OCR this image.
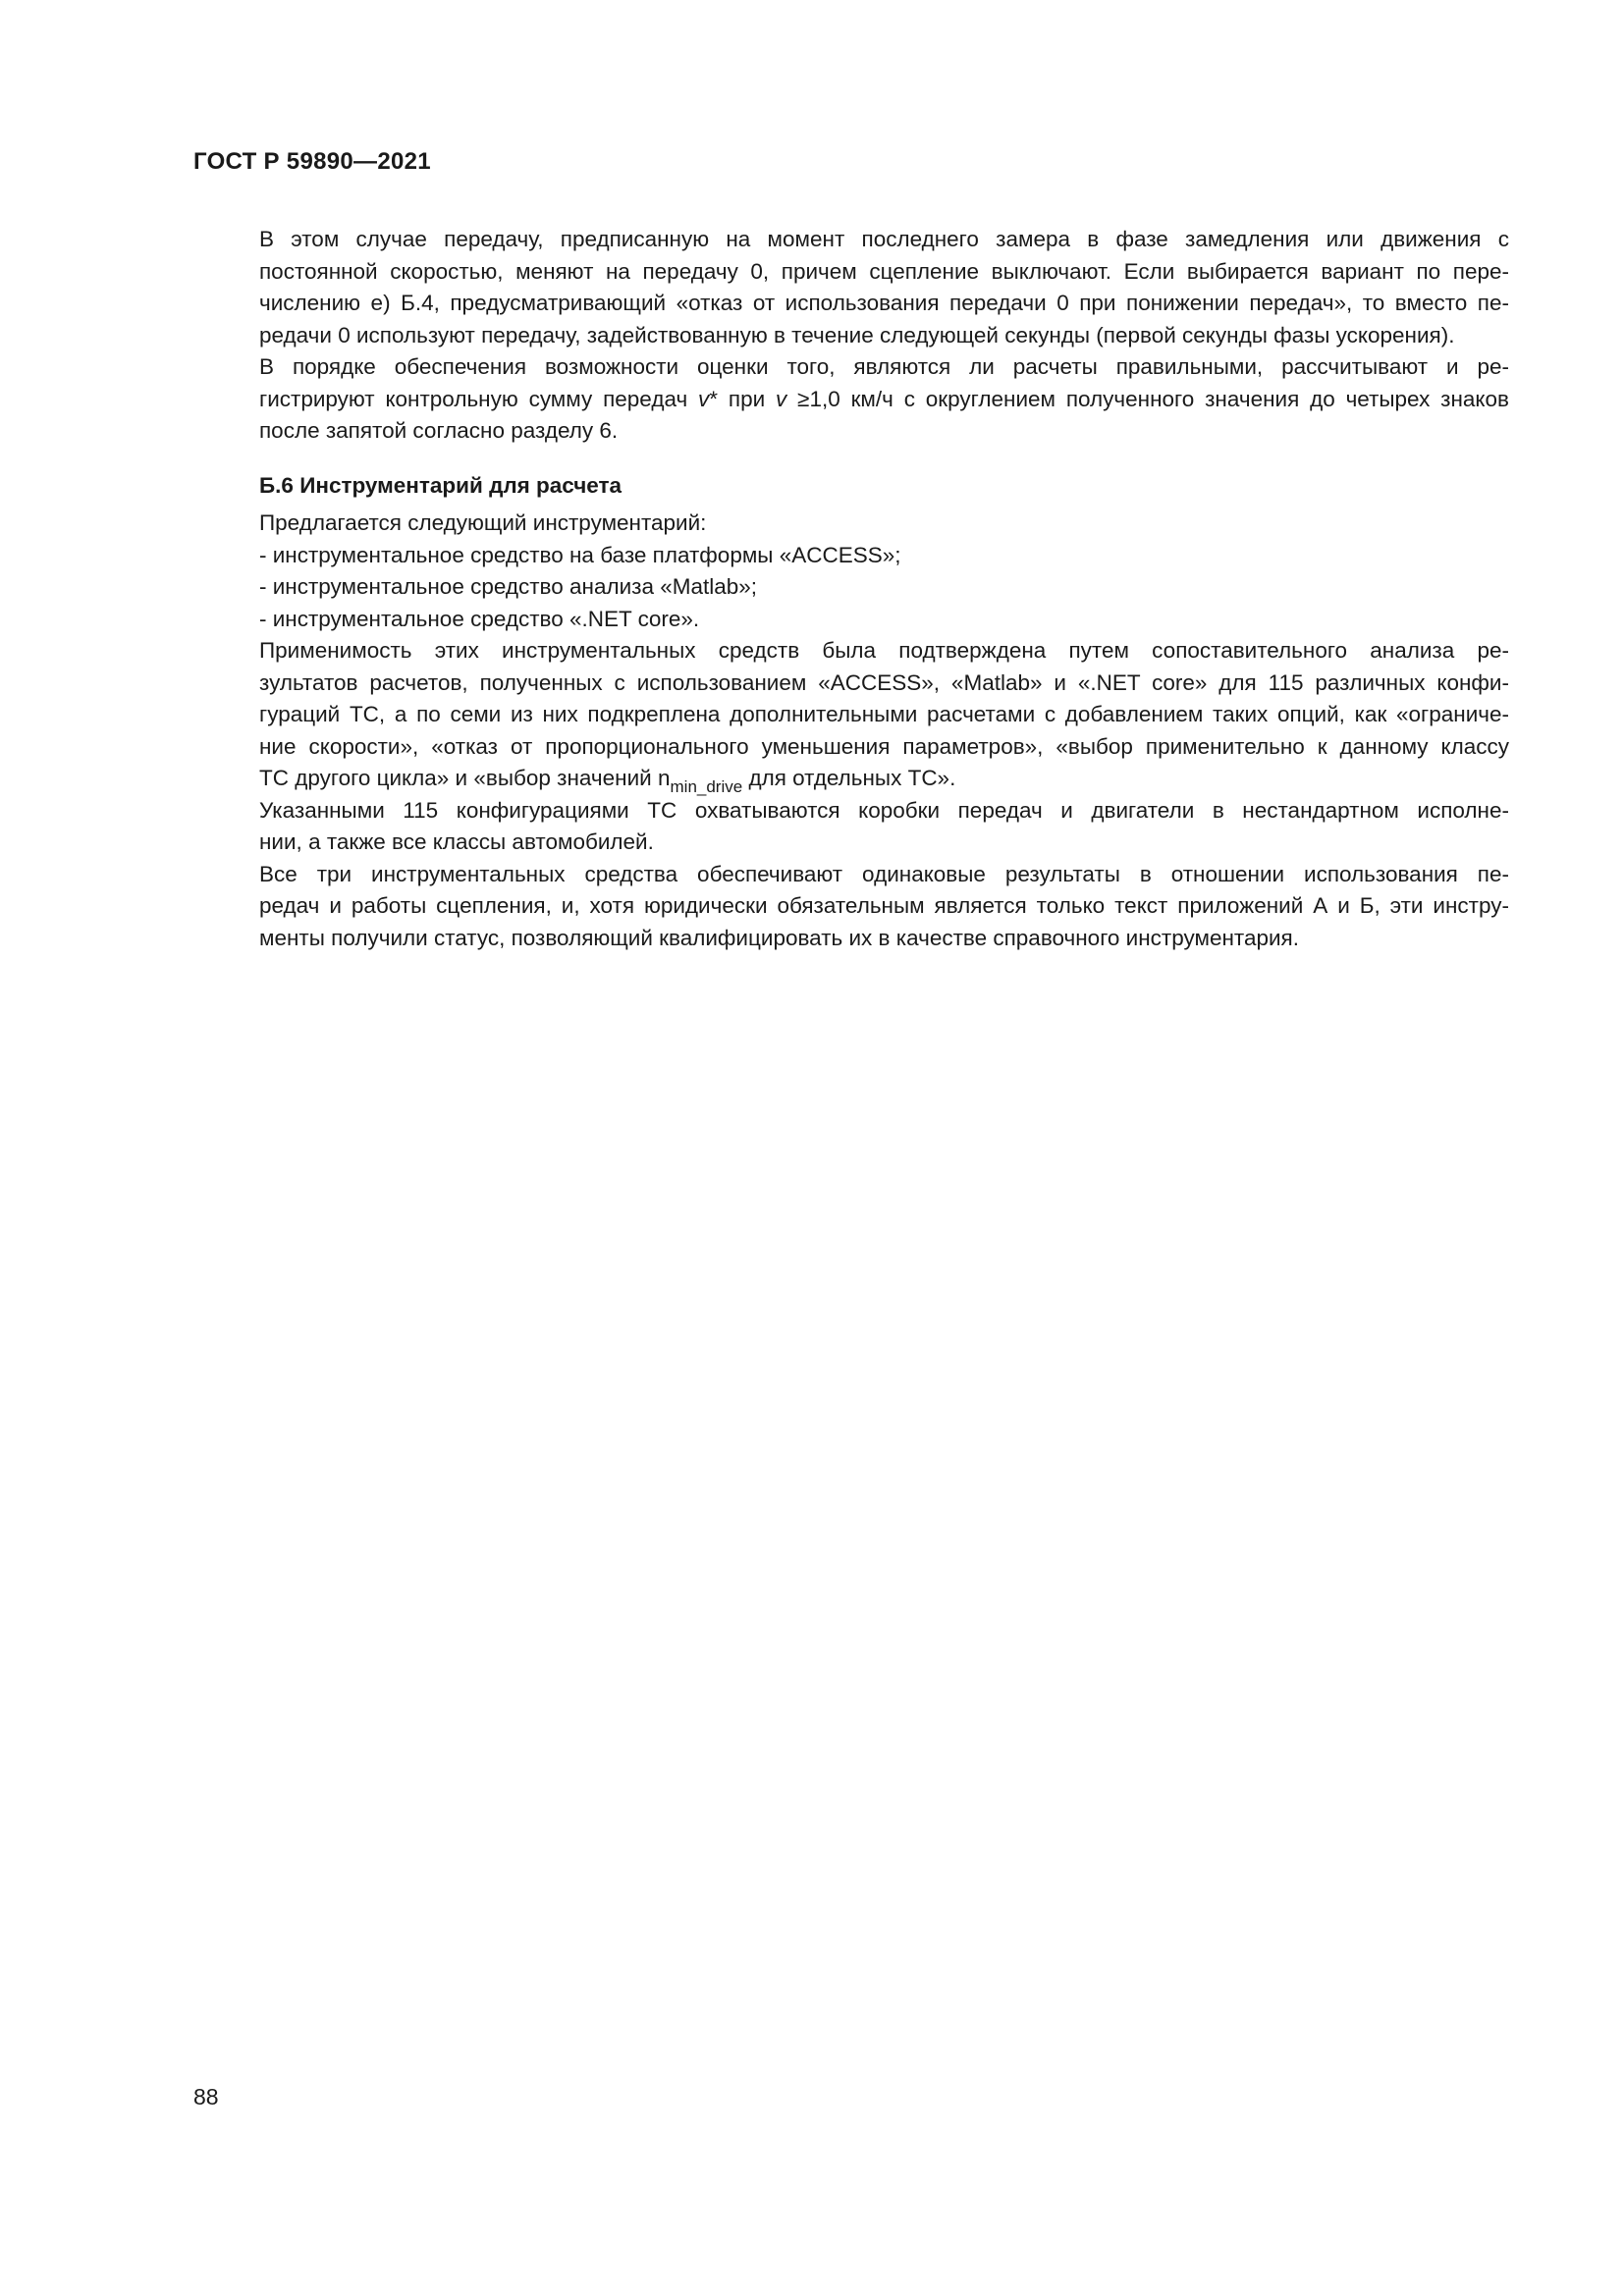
ГОСТ Р 59890—2021

В этом случае передачу, предписанную на момент последнего замера в фазе замедления или движения с
постоянной скоростью, меняют на передачу 0, причем сцепление выключают. Если выбирается вариант по пере-
числению е) Б.4, предусматривающий «отказ от использования передачи 0 при понижении передач», то вместо пе-
редачи 0 используют передачу, задействованную в течение следующей секунды (первой секунды фазы ускорения).

В порядке обеспечения возможности оценки того, являются ли расчеты правильными, рассчитывают и ре-
гистрируют контрольную сумму передач v* при v ≥1,0 км/ч с округлением полученного значения до четырех знаков
после запятой согласно разделу 6.

Б.6 Инструментарий для расчета

Предлагается следующий инструментарий:

- инструментальное средство на базе платформы «ACCESS»;

- инструментальное средство анализа «Matlab»;

- инструментальное средство «.NET core».

Применимость этих инструментальных средств была подтверждена путем сопоставительного анализа ре-
зультатов расчетов, полученных с использованием «ACCESS», «Matlab» и «.NET core» для 115 различных конфи-
гураций ТС, а по семи из них подкреплена дополнительными расчетами с добавлением таких опций, как «ограниче-
ние скорости», «отказ от пропорционального уменьшения параметров», «выбор применительно к данному классу
ТС другого цикла» и «выбор значений $n_{min\_drive}$ для отдельных ТС».

Указанными 115 конфигурациями ТС охватываются коробки передач и двигатели в нестандартном исполне-
нии, а также все классы автомобилей.

Все три инструментальных средства обеспечивают одинаковые результаты в отношении использования пе-
редач и работы сцепления, и, хотя юридически обязательным является только текст приложений А и Б, эти инстру-
менты получили статус, позволяющий квалифицировать их в качестве справочного инструментария.

88
